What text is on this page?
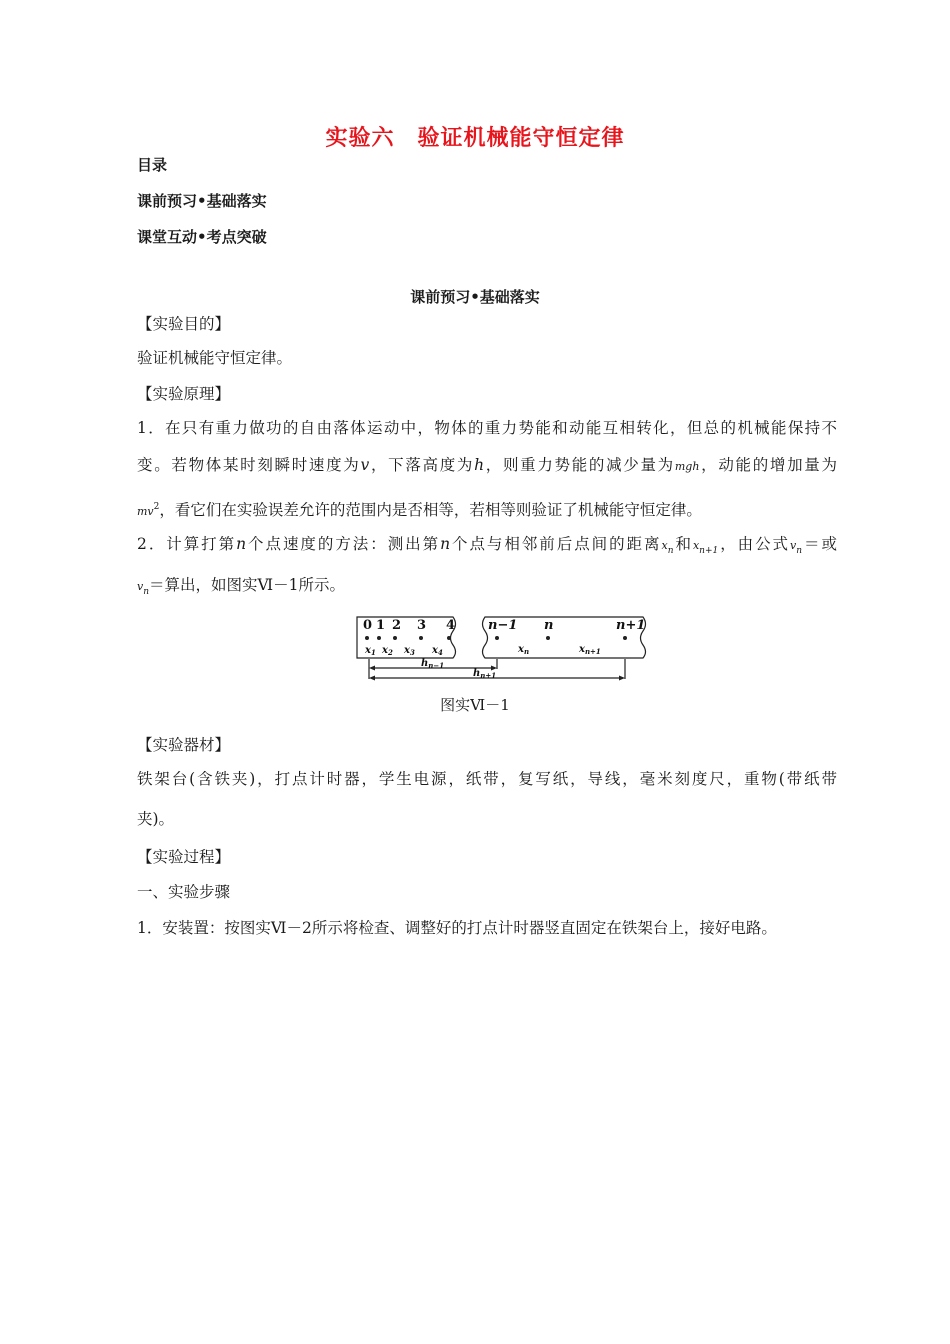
实验六　验证机械能守恒定律
目录
课前预习•基础落实
课堂互动•考点突破
课前预习•基础落实
【实验目的】
验证机械能守恒定律。
【实验原理】
1．在只有重力做功的自由落体运动中，物体的重力势能和动能互相转化，但总的机械能保持不
变。若物体某时刻瞬时速度为v，下落高度为h，则重力势能的减少量为mgh，动能的增加量为
$mv^2$，看它们在实验误差允许的范围内是否相等，若相等则验证了机械能守恒定律。
2．计算打第n个点速度的方法：测出第n个点与相邻前后点间的距离$x_n$和$x_{n+1}$，由公式$v_n=$或
$v_n=$算出，如图实Ⅵ－1所示。
0 1 2 3 4	n−1 n	n+1
$x_1$ $x_2$ $x_3$ $x_4$	$x_n$	$x_{n+1}$
$h_{n-1}$
$h_{n+1}$
图实Ⅵ－1
【实验器材】
铁架台(含铁夹)，打点计时器，学生电源，纸带，复写纸，导线，毫米刻度尺，重物(带纸带
夹)。
【实验过程】
一、实验步骤
1．安装置：按图实Ⅵ－2所示将检查、调整好的打点计时器竖直固定在铁架台上，接好电路。
